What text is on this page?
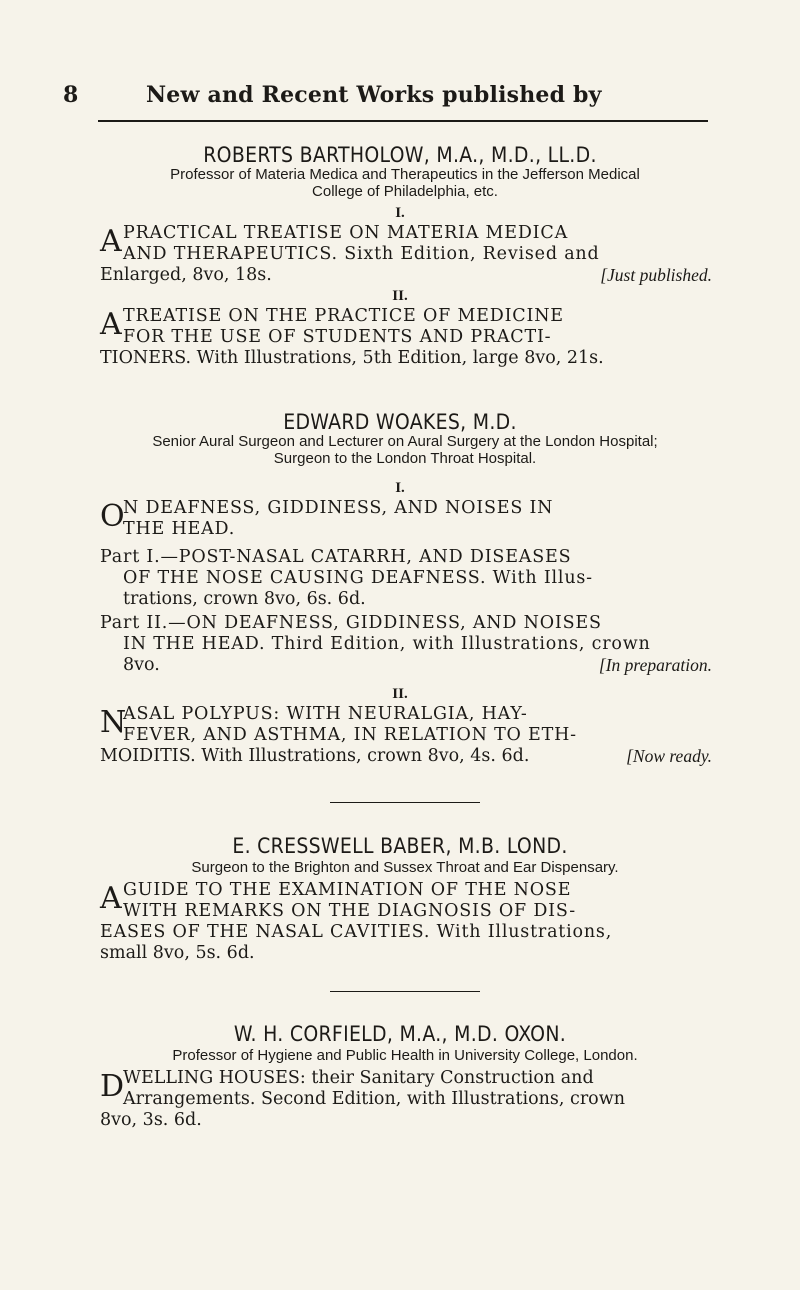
8	New and Recent Works published by
ROBERTS BARTHOLOW, M.A., M.D., LL.D.
Professor of Materia Medica and Therapeutics in the Jefferson Medical
College of Philadelphia, etc.
I.
A PRACTICAL TREATISE ON MATERIA MEDICA
AND THERAPEUTICS. Sixth Edition, Revised and
Enlarged, 8vo, 18s.	[Just published.
II.
A TREATISE ON THE PRACTICE OF MEDICINE
FOR THE USE OF STUDENTS AND PRACTI-
TIONERS. With Illustrations, 5th Edition, large 8vo, 21s.
EDWARD WOAKES, M.D.
Senior Aural Surgeon and Lecturer on Aural Surgery at the London Hospital;
Surgeon to the London Throat Hospital.
I.
O
N DEAFNESS, GIDDINESS, AND NOISES IN
THE HEAD.
Part I.—POST-NASAL CATARRH, AND DISEASES
OF THE NOSE CAUSING DEAFNESS. With Illus-
trations, crown 8vo, 6s. 6d.
Part II.—ON DEAFNESS, GIDDINESS, AND NOISES
IN THE HEAD. Third Edition, with Illustrations, crown
8vo.	[In preparation.
II.
N
ASAL POLYPUS: WITH NEURALGIA, HAY-
FEVER, AND ASTHMA, IN RELATION TO ETH-
MOIDITIS. With Illustrations, crown 8vo, 4s. 6d.	[Now ready.
E. CRESSWELL BABER, M.B. LOND.
Surgeon to the Brighton and Sussex Throat and Ear Dispensary.
A GUIDE TO THE EXAMINATION OF THE NOSE
WITH REMARKS ON THE DIAGNOSIS OF DIS-
EASES OF THE NASAL CAVITIES. With Illustrations,
small 8vo, 5s. 6d.
W. H. CORFIELD, M.A., M.D. OXON.
Professor of Hygiene and Public Health in University College, London.
D
WELLING HOUSES: their Sanitary Construction and
Arrangements. Second Edition, with Illustrations, crown
8vo, 3s. 6d.
